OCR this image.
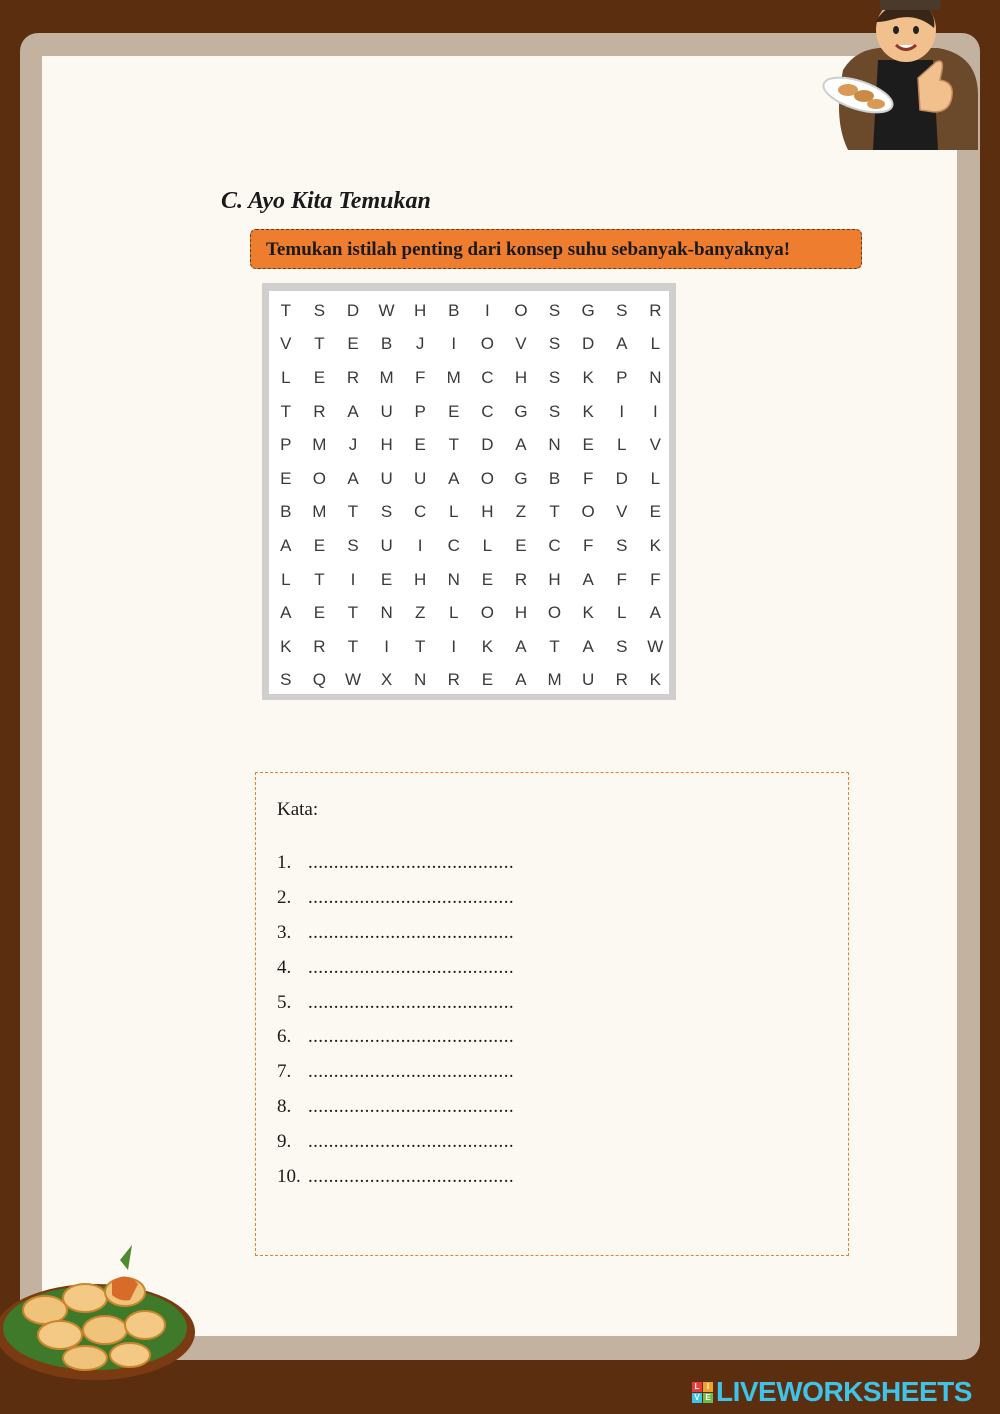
C. Ayo Kita Temukan
Temukan istilah penting dari konsep suhu sebanyak-banyaknya!
T	S	D	W	H	B	I	O	S	G	S	R
V	T	E	B	J	I	O	V	S	D	A	L
L	E	R	M	F	M	C	H	S	K	P	N
T	R	A	U	P	E	C	G	S	K	I	I
P	M	J	H	E	T	D	A	N	E	L	V
E	O	A	U	U	A	O	G	B	F	D	L
B	M	T	S	C	L	H	Z	T	O	V	E
A	E	S	U	I	C	L	E	C	F	S	K
L	T	I	E	H	N	E	R	H	A	F	F
A	E	T	N	Z	L	O	H	O	K	L	A
K	R	T	I	T	I	K	A	T	A	S	W
S	Q	W	X	N	R	E	A	M	U	R	K
Kata:
1. ........................................
2. ........................................
3. ........................................
4. ........................................
5. ........................................
6. ........................................
7. ........................................
8. ........................................
9. ........................................
10. ........................................
L I
V E LIVEWORKSHEETS
